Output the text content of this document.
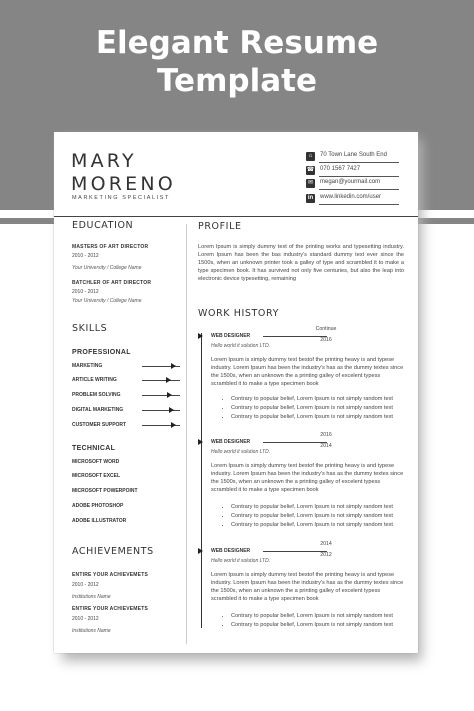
Elegant Resume
Template
MARY
MORENO
MARKETING SPECIALIST
⌂	70 Town Lane South End
☎ 070 1567 7427
✉	megan@yourmail.com
in	www.linkedin.com/user
EDUCATION
MASTERS OF ART DIRECTOR
2010 - 2012
Your University / College Name
BATCHLER OF ART DIRECTOR
2010 - 2012
Your University / College Name
SKILLS
PROFESSIONAL
MARKETING
ARTICLE WRITING
PROBLEM SOLVING
DIGITAL MARKETING
CUSTOMER SUPPORT
TECHNICAL
MICROSOFT WORD
MICROSOFT EXCEL
MICROSOFT POWERPOINT
ADOBE PHOTOSHOP
ADOBE ILLUSTRATOR
ACHIEVEMENTS
ENTIRE YOUR ACHIEVEMETS
2010 - 2012
Institutions Name
ENTIRE YOUR ACHIEVEMETS
2010 - 2012
Institutions Name
PROFILE
Lorem Ipsum is simply dummy text of the printing works and typesetting industry. Lorem Ipsum has been the bas industry's standard dummy text ever since the 1500s, when an unknown printer took a galley of type and scrambled it to make a type specimen book. It has survived not only five centuries, but also the leap into electronic device typesetting, remaining
WORK HISTORY
WEB DESIGNER
Continue
2016
Hello world it solution LTD.
Lorem Ipsum is simply dummy text bestof the printing heavy is and typese industry. Lorem Ipsum has been the industry's has as the dummy textes since the 1500s, when an unknown the a printing galley of excelent typess scrambled it to make a type specimen book
• Contrary to popular belief, Lorem Ipsum is not simply random text
• Contrary to popular belief, Lorem Ipsum is not simply random text
• Contrary to popular belief, Lorem Ipsum is not simply random text
WEB DESIGNER
2016
2014
Hello world it solution LTD.
Lorem Ipsum is simply dummy text bestof the printing heavy is and typese industry. Lorem Ipsum has been the industry's has as the dummy textes since the 1500s, when an unknown the a printing galley of excelent typess scrambled it to make a type specimen book
• Contrary to popular belief, Lorem Ipsum is not simply random text
• Contrary to popular belief, Lorem Ipsum is not simply random text
• Contrary to popular belief, Lorem Ipsum is not simply random text
WEB DESIGNER
2014
2012
Hello world it solution LTD.
Lorem Ipsum is simply dummy text bestof the printing heavy is and typese industry. Lorem Ipsum has been the industry's has as the dummy textes since the 1500s, when an unknown the a printing galley of excelent typess scrambled it to make a type specimen book
• Contrary to popular belief, Lorem Ipsum is not simply random text
• Contrary to popular belief, Lorem Ipsum is not simply random text
